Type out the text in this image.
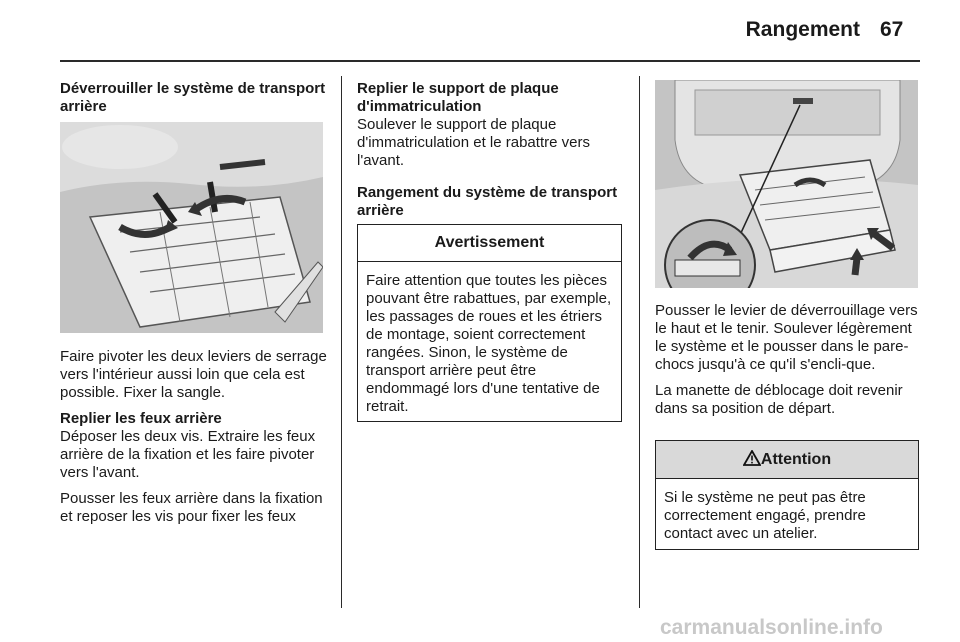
Rangement 67
Déverrouiller le système de transport arrière

Faire pivoter les deux leviers de serrage vers l'intérieur aussi loin que cela est possible. Fixer la sangle.

Replier les feux arrière

Déposer les deux vis. Extraire les feux arrière de la fixation et les faire pivoter vers l'avant.

Pousser les feux arrière dans la fixation et reposer les vis pour fixer les feux

Replier le support de plaque d'immatriculation

Soulever le support de plaque d'immatriculation et le rabattre vers l'avant.

Rangement du système de transport arrière
Avertissement
Faire attention que toutes les pièces pouvant être rabattues, par exemple, les passages de roues et les étriers de montage, soient correctement rangées. Sinon, le système de transport arrière peut être endommagé lors d'une tentative de retrait.

Pousser le levier de déverrouillage vers le haut et le tenir. Soulever légèrement le système et le pousser dans le pare-chocs jusqu'à ce qu'il s'encli-que.

La manette de déblocage doit revenir dans sa position de départ.

Attention
Si le système ne peut pas être correctement engagé, prendre contact avec un atelier.
carmanualsonline.info
